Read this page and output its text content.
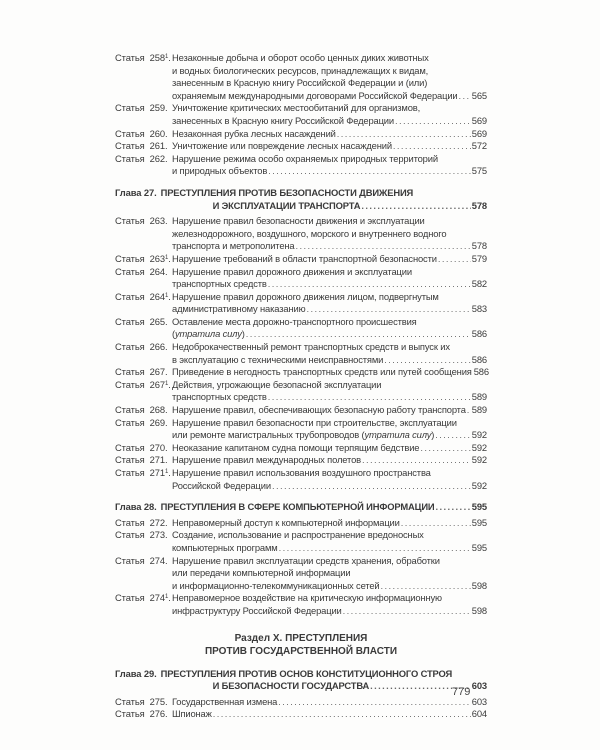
Статья  $258^1$. Незаконные добыча и оборот особо ценных диких животных
и водных биологических ресурсов, принадлежащих к видам,
занесенным в Красную книгу Российской Федерации и (или)
охраняемым международными договорами Российской Федерации . . . 565
Статья  259. Уничтожение критических местообитаний для организмов,
занесенных в Красную книгу Российской Федерации . . .	569
Статья  260. Незаконная рубка лесных насаждений . . .	569
Статья  261. Уничтожение или повреждение лесных насаждений . . .	572
Статья  262. Нарушение режима особо охраняемых природных территорий
и природных объектов . . .	575
Глава 27. ПРЕСТУПЛЕНИЯ ПРОТИВ БЕЗОПАСНОСТИ ДВИЖЕНИЯ
И ЭКСПЛУАТАЦИИ ТРАНСПОРТА . . .	578
Статья  263. Нарушение правил безопасности движения и эксплуатации
железнодорожного, воздушного, морского и внутреннего водного
транспорта и метрополитена . . .	578
Статья  $263^1$. Нарушение требований в области транспортной безопасности . . .	579
Статья  264. Нарушение правил дорожного движения и эксплуатации
транспортных средств . . .	582
Статья  $264^1$. Нарушение правил дорожного движения лицом, подвергнутым
административному наказанию . . .	583
Статья  265. Оставление места дорожно-транспортного происшествия
(утратила силу) . . .	586
Статья  266. Недоброкачественный ремонт транспортных средств и выпуск их
в эксплуатацию с техническими неисправностями . . .	586
Статья  267. Приведение в негодность транспортных средств или путей сообщения 586
Статья  $267^1$. Действия, угрожающие безопасной эксплуатации
транспортных средств . . .	589
Статья  268. Нарушение правил, обеспечивающих безопасную работу транспорта . . . 589
Статья  269. Нарушение правил безопасности при строительстве, эксплуатации
или ремонте магистральных трубопроводов (утратила силу) . . .	592
Статья  270. Неоказание капитаном судна помощи терпящим бедствие . . .	592
Статья  271. Нарушение правил международных полетов . . .	592
Статья  $271^1$. Нарушение правил использования воздушного пространства
Российской Федерации . . .	592
Глава 28. ПРЕСТУПЛЕНИЯ В СФЕРЕ КОМПЬЮТЕРНОЙ ИНФОРМАЦИИ . . .	595
Статья  272. Неправомерный доступ к компьютерной информации . . .	595
Статья  273. Создание, использование и распространение вредоносных
компьютерных программ . . .	595
Статья  274. Нарушение правил эксплуатации средств хранения, обработки
или передачи компьютерной информации
и информационно-телекоммуникационных сетей . . .	598
Статья  $274^1$. Неправомерное воздействие на критическую информационную
инфраструктуру Российской Федерации . . .	598
Раздел X. ПРЕСТУПЛЕНИЯ
ПРОТИВ ГОСУДАРСТВЕННОЙ ВЛАСТИ
Глава 29. ПРЕСТУПЛЕНИЯ ПРОТИВ ОСНОВ КОНСТИТУЦИОННОГО СТРОЯ
И БЕЗОПАСНОСТИ ГОСУДАРСТВА . . .	603
Статья  275. Государственная измена . . .	603
Статья  276. Шпионаж . . .	604
779
